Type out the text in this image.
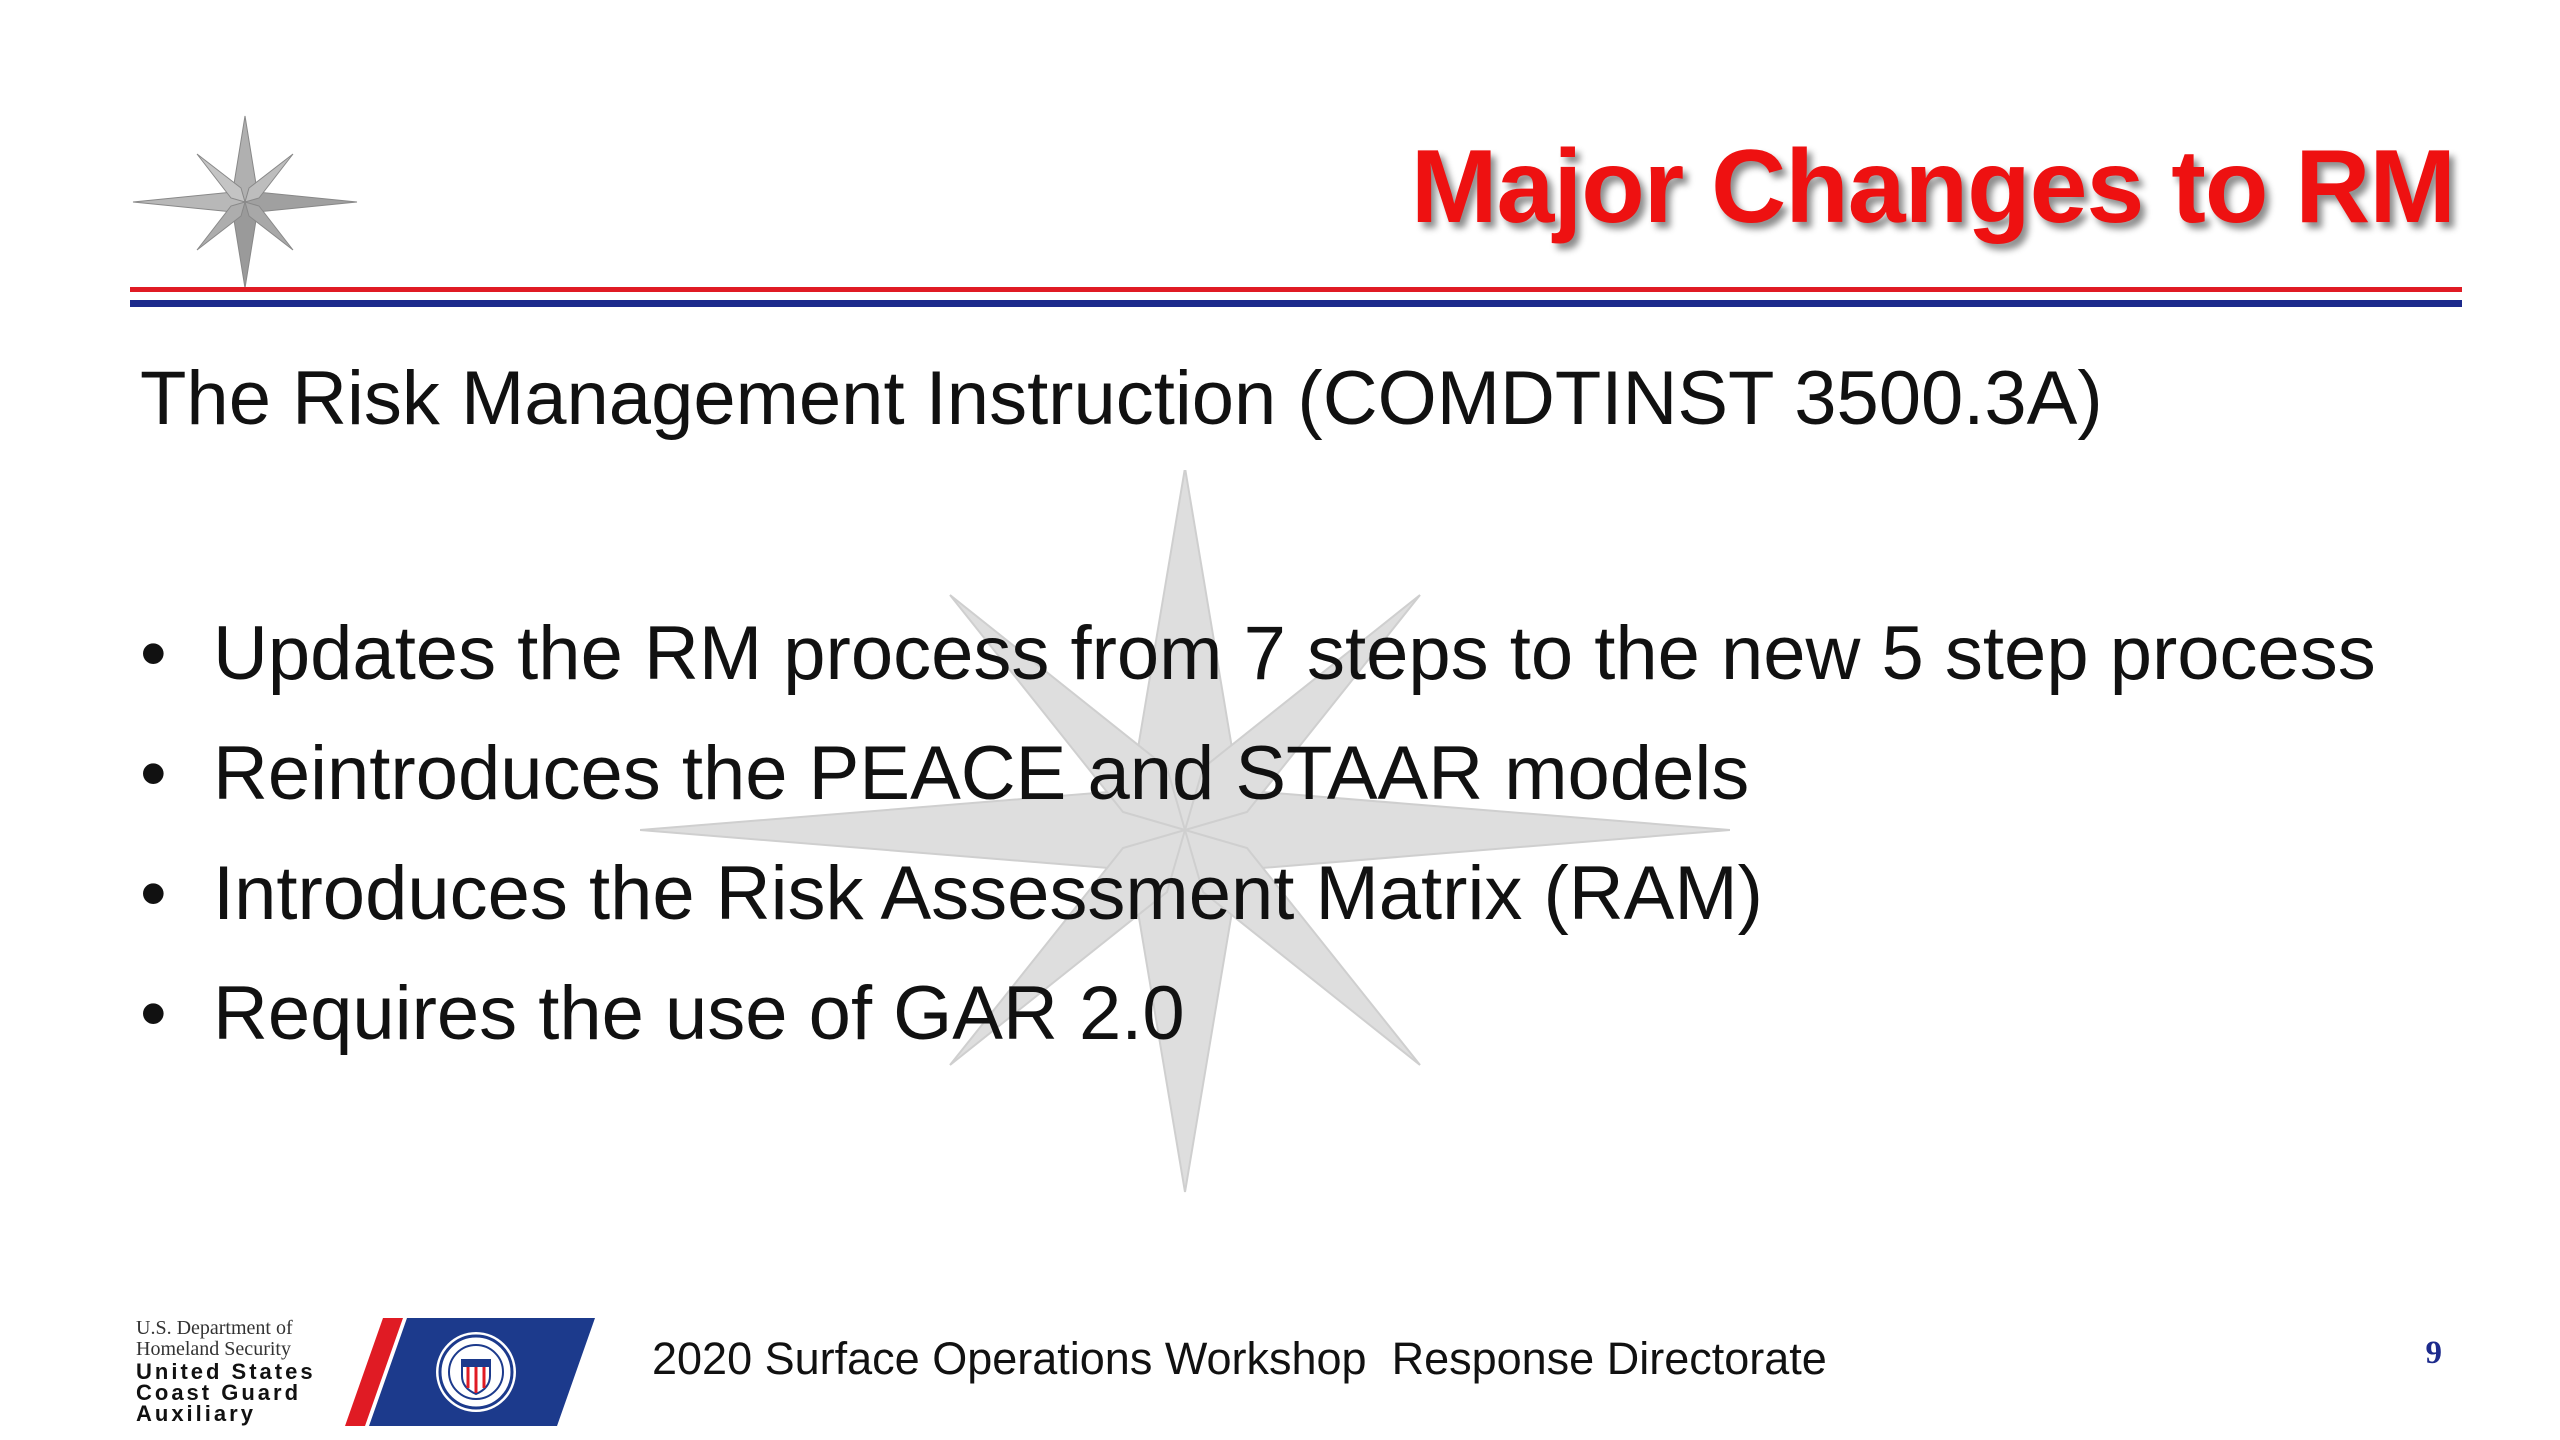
Major Changes to RM
The Risk Management Instruction (COMDTINST 3500.3A)
• Updates the RM process from 7 steps to the new 5 step process
• Reintroduces the PEACE and STAAR models
• Introduces the Risk Assessment Matrix (RAM)
• Requires the use of GAR 2.0
U.S. Department of
Homeland Security
United States
Coast Guard
Auxiliary
2020 Surface Operations Workshop  Response Directorate	9
